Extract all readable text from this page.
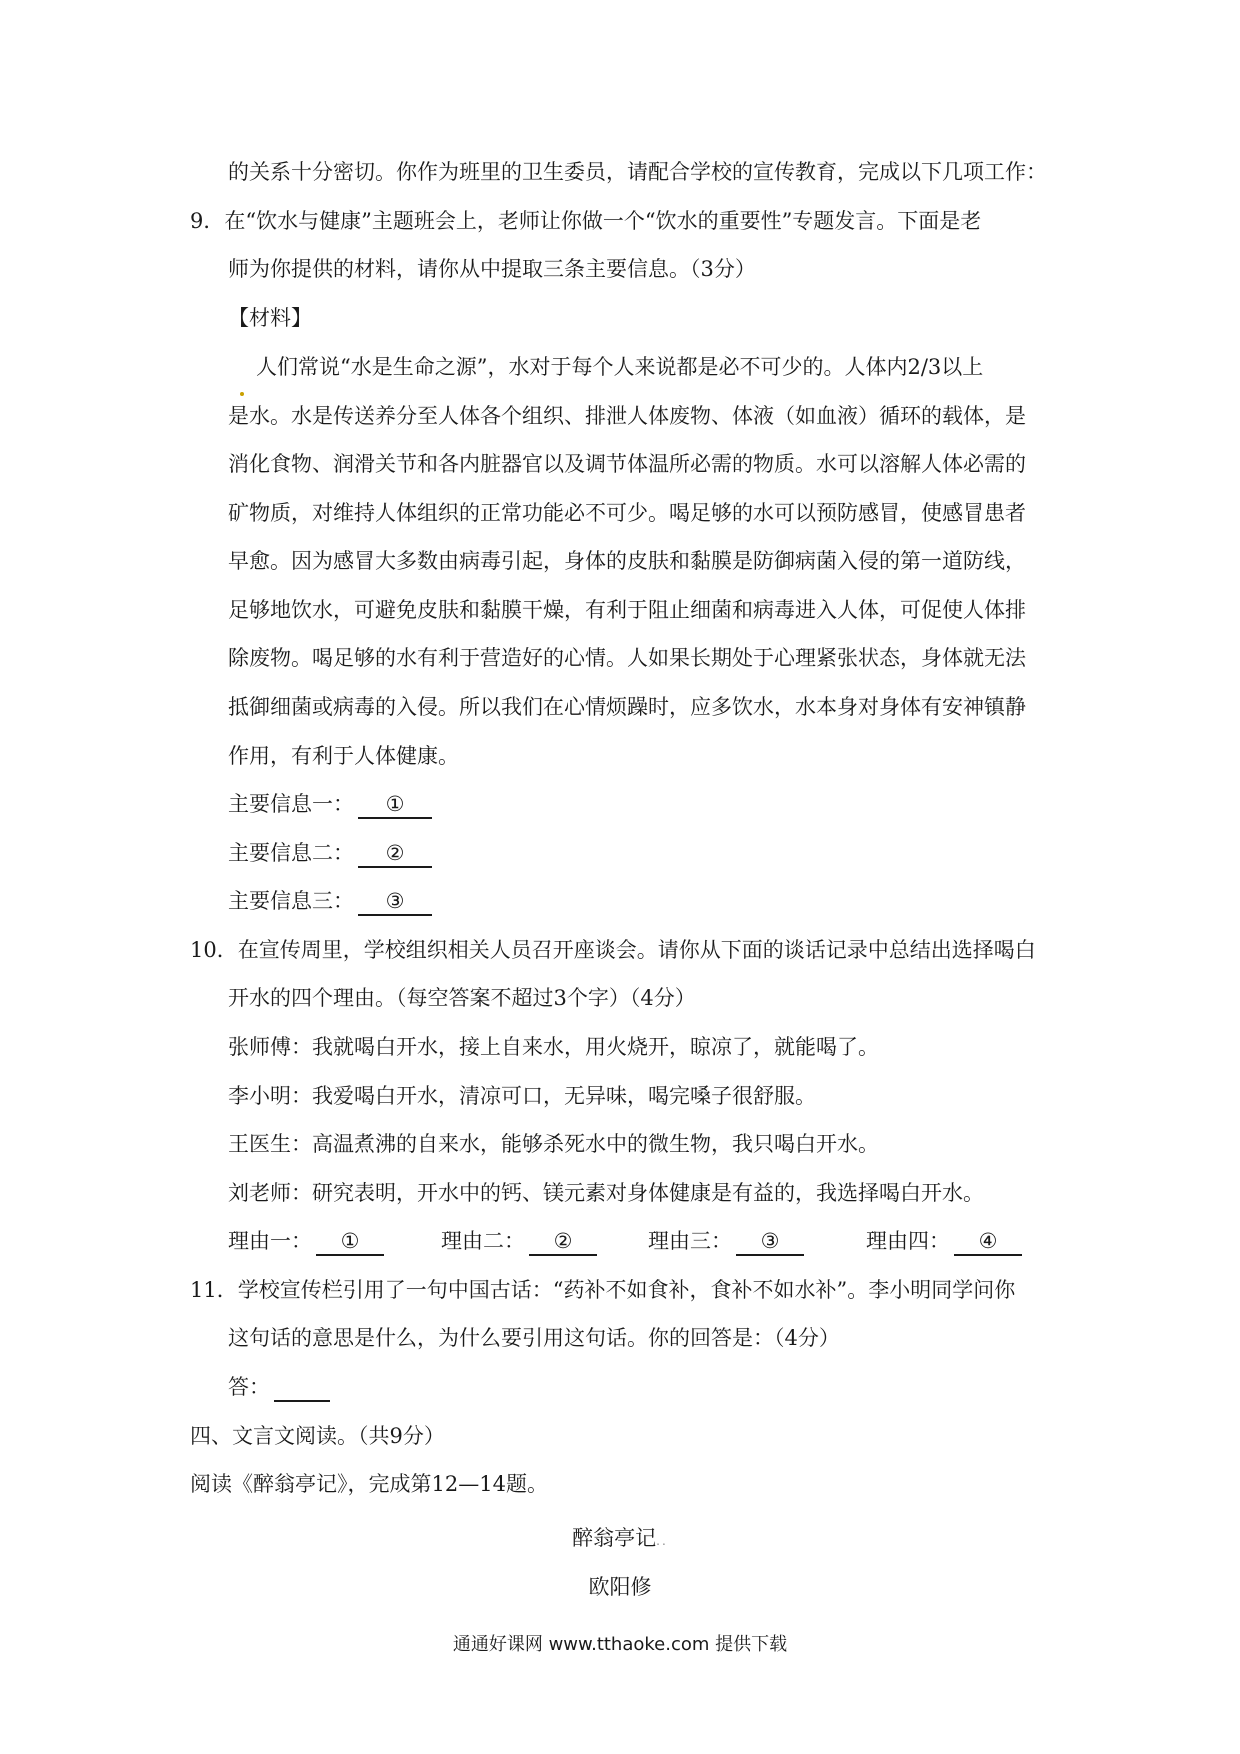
的关系十分密切。你作为班里的卫生委员，请配合学校的宣传教育，完成以下几项工作：
9．在“饮水与健康”主题班会上，老师让你做一个“饮水的重要性”专题发言。下面是老
师为你提供的材料，请你从中提取三条主要信息。（3分）
【材料】
人们常说“水是生命之源”，水对于每个人来说都是必不可少的。人体内2/3以上
是水。水是传送养分至人体各个组织、排泄人体废物、体液（如血液）循环的载体，是
消化食物、润滑关节和各内脏器官以及调节体温所必需的物质。水可以溶解人体必需的
矿物质，对维持人体组织的正常功能必不可少。喝足够的水可以预防感冒，使感冒患者
早愈。因为感冒大多数由病毒引起，身体的皮肤和黏膜是防御病菌入侵的第一道防线，
足够地饮水，可避免皮肤和黏膜干燥，有利于阻止细菌和病毒进入人体，可促使人体排
除废物。喝足够的水有利于营造好的心情。人如果长期处于心理紧张状态，身体就无法
抵御细菌或病毒的入侵。所以我们在心情烦躁时，应多饮水，水本身对身体有安神镇静
作用，有利于人体健康。
主要信息一： ①
主要信息二： ②
主要信息三： ③
10．在宣传周里，学校组织相关人员召开座谈会。请你从下面的谈话记录中总结出选择喝白
开水的四个理由。（每空答案不超过3个字）（4分）
张师傅：我就喝白开水，接上自来水，用火烧开，晾凉了，就能喝了。
李小明：我爱喝白开水，清凉可口，无异味，喝完嗓子很舒服。
王医生：高温煮沸的自来水，能够杀死水中的微生物，我只喝白开水。
刘老师：研究表明，开水中的钙、镁元素对身体健康是有益的，我选择喝白开水。
理由一： ①	理由二： ②	理由三： ③	理由四： ④
11．学校宣传栏引用了一句中国古话：“药补不如食补，食补不如水补”。李小明同学问你
这句话的意思是什么，为什么要引用这句话。你的回答是：（4分）
答：
四、文言文阅读。（共9分）
阅读《醉翁亭记》，完成第12—14题。
醉翁亭记..
欧阳修
通通好课网 www.tthaoke.com 提供下载
